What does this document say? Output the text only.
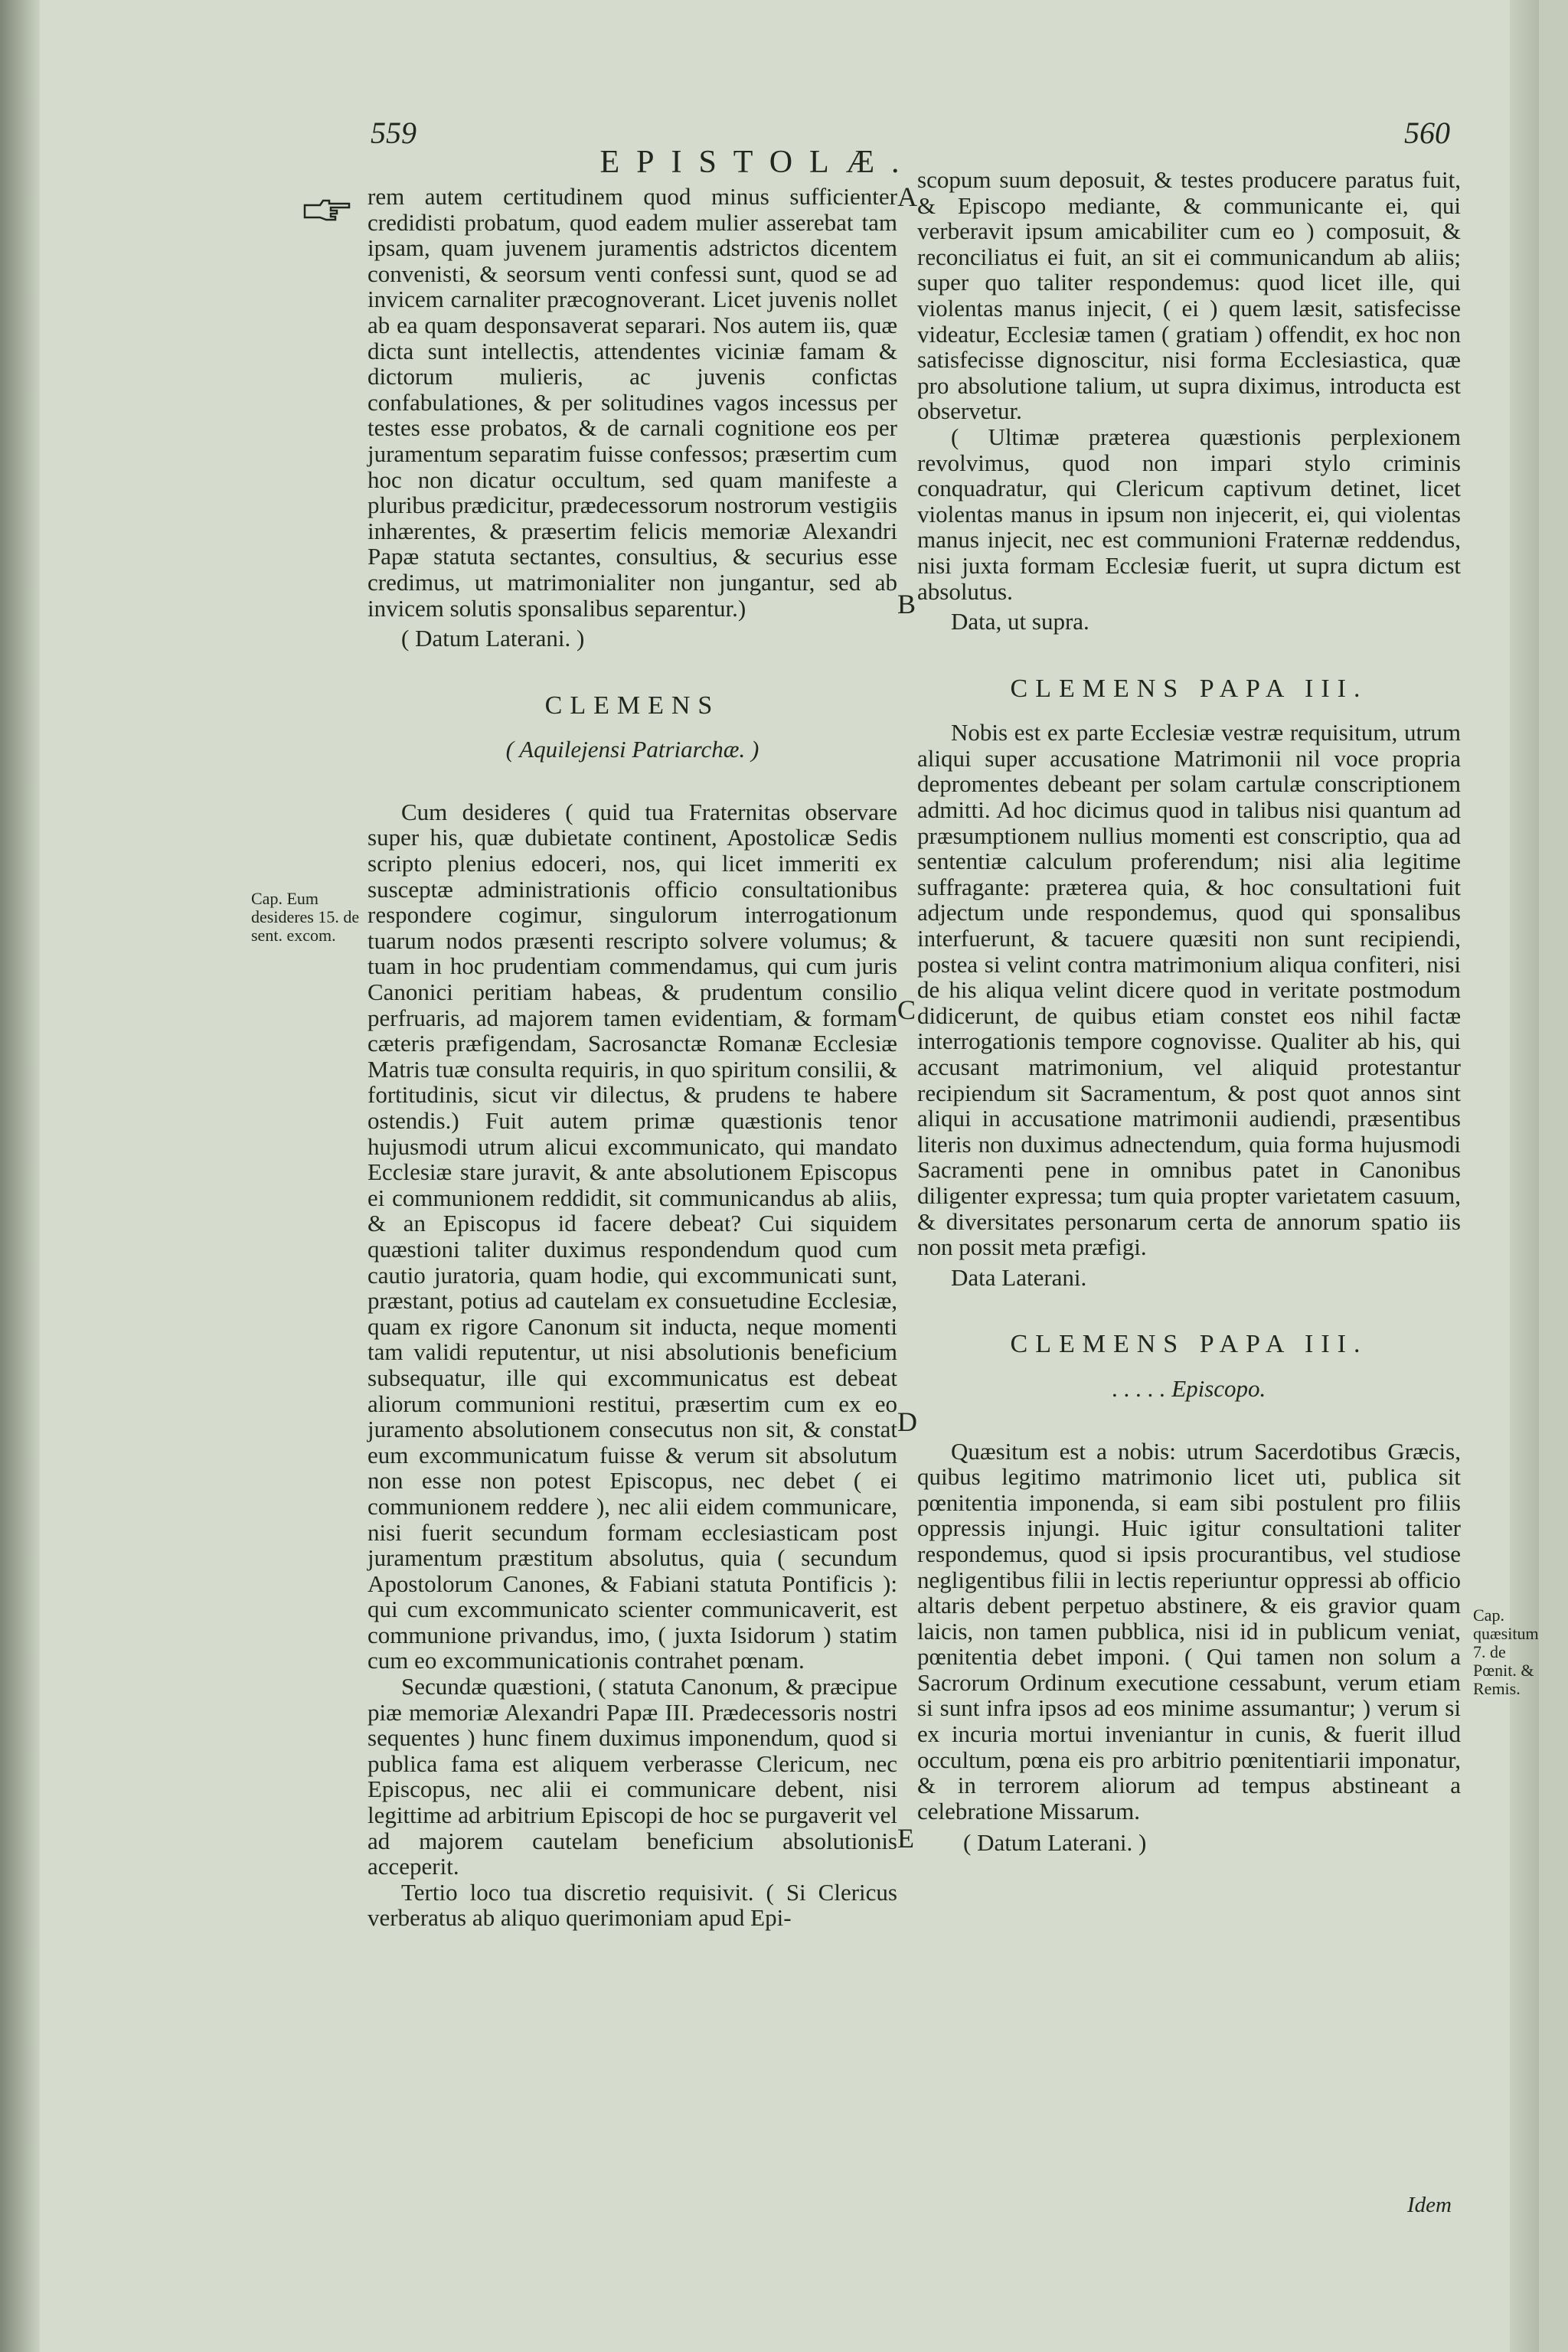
559
EPISTOLÆ.
560

rem autem certitudinem quod minus sufficienter credidisti probatum, quod eadem mulier asserebat tam ipsam, quam juvenem juramentis adstrictos dicentem convenisti, & seorsum venti confessi sunt, quod se ad invicem carnaliter præcognoverant. Licet juvenis nollet ab ea quam desponsaverat separari. Nos autem iis, quæ dicta sunt intellectis, attendentes viciniæ famam & dictorum mulieris, ac juvenis confictas confabulationes, & per solitudines vagos incessus per testes esse probatos, & de carnali cognitione eos per juramentum separatim fuisse confessos; præsertim cum hoc non dicatur occultum, sed quam manifeste a pluribus prædicitur, prædecessorum nostrorum vestigiis inhærentes, & præsertim felicis memoriæ Alexandri Papæ statuta sectantes, consultius, & securius esse credimus, ut matrimonialiter non jungantur, sed ab invicem solutis sponsalibus separentur.)

( Datum Laterani. )

CLEMENS

( Aquilejensi Patriarchæ. )

Cum desideres ( quid tua Fraternitas observare super his, quæ dubietate continent, Apostolicæ Sedis scripto plenius edoceri, nos, qui licet immeriti ex susceptæ administrationis officio consultationibus respondere cogimur, singulorum interrogationum tuarum nodos præsenti rescripto solvere volumus; & tuam in hoc prudentiam commendamus, qui cum juris Canonici peritiam habeas, & prudentum consilio perfruaris, ad majorem tamen evidentiam, & formam cæteris præfigendam, Sacrosanctæ Romanæ Ecclesiæ Matris tuæ consulta requiris, in quo spiritum consilii, & fortitudinis, sicut vir dilectus, & prudens te habere ostendis.) Fuit autem primæ quæstionis tenor hujusmodi utrum alicui excommunicato, qui mandato Ecclesiæ stare juravit, & ante absolutionem Episcopus ei communionem reddidit, sit communicandus ab aliis, & an Episcopus id facere debeat? Cui siquidem quæstioni taliter duximus respondendum quod cum cautio juratoria, quam hodie, qui excommunicati sunt, præstant, potius ad cautelam ex consuetudine Ecclesiæ, quam ex rigore Canonum sit inducta, neque momenti tam validi reputentur, ut nisi absolutionis beneficium subsequatur, ille qui excommunicatus est debeat aliorum communioni restitui, præsertim cum ex eo juramento absolutionem consecutus non sit, & constat eum excommunicatum fuisse & verum sit absolutum non esse non potest Episcopus, nec debet ( ei communionem reddere ), nec alii eidem communicare, nisi fuerit secundum formam ecclesiasticam post juramentum præstitum absolutus, quia ( secundum Apostolorum Canones, & Fabiani statuta Pontificis ): qui cum excommunicato scienter communicaverit, est communione privandus, imo, ( juxta Isidorum ) statim cum eo excommunicationis contrahet pœnam.

Secundæ quæstioni, ( statuta Canonum, & præcipue piæ memoriæ Alexandri Papæ III. Prædecessoris nostri sequentes ) hunc finem duximus imponendum, quod si publica fama est aliquem verberasse Clericum, nec Episcopus, nec alii ei communicare debent, nisi legittime ad arbitrium Episcopi de hoc se purgaverit vel ad majorem cautelam beneficium absolutionis acceperit.

Tertio loco tua discretio requisivit. ( Si Clericus verberatus ab aliquo querimoniam apud Epi-

scopum suum deposuit, & testes producere paratus fuit, & Episcopo mediante, & communicante ei, qui verberavit ipsum amicabiliter cum eo ) composuit, & reconciliatus ei fuit, an sit ei communicandum ab aliis; super quo taliter respondemus: quod licet ille, qui violentas manus injecit, ( ei ) quem læsit, satisfecisse videatur, Ecclesiæ tamen ( gratiam ) offendit, ex hoc non satisfecisse dignoscitur, nisi forma Ecclesiastica, quæ pro absolutione talium, ut supra diximus, introducta est observetur.

( Ultimæ præterea quæstionis perplexionem revolvimus, quod non impari stylo criminis conquadratur, qui Clericum captivum detinet, licet violentas manus in ipsum non injecerit, ei, qui violentas manus injecit, nec est communioni Fraternæ reddendus, nisi juxta formam Ecclesiæ fuerit, ut supra dictum est absolutus.

Data, ut supra.

CLEMENS PAPA III.

Nobis est ex parte Ecclesiæ vestræ requisitum, utrum aliqui super accusatione Matrimonii nil voce propria depromentes debeant per solam cartulæ conscriptionem admitti. Ad hoc dicimus quod in talibus nisi quantum ad præsumptionem nullius momenti est conscriptio, qua ad sententiæ calculum proferendum; nisi alia legitime suffragante: præterea quia, & hoc consultationi fuit adjectum unde respondemus, quod qui sponsalibus interfuerunt, & tacuere quæsiti non sunt recipiendi, postea si velint contra matrimonium aliqua confiteri, nisi de his aliqua velint dicere quod in veritate postmodum didicerunt, de quibus etiam constet eos nihil factæ interrogationis tempore cognovisse. Qualiter ab his, qui accusant matrimonium, vel aliquid protestantur recipiendum sit Sacramentum, & post quot annos sint aliqui in accusatione matrimonii audiendi, præsentibus literis non duximus adnectendum, quia forma hujusmodi Sacramenti pene in omnibus patet in Canonibus diligenter expressa; tum quia propter varietatem casuum, & diversitates personarum certa de annorum spatio iis non possit meta præfigi.

Data Laterani.

CLEMENS PAPA III.

. . . . . Episcopo.

Quæsitum est a nobis: utrum Sacerdotibus Græcis, quibus legitimo matrimonio licet uti, publica sit pœnitentia imponenda, si eam sibi postulent pro filiis oppressis injungi. Huic igitur consultationi taliter respondemus, quod si ipsis procurantibus, vel studiose negligentibus filii in lectis reperiuntur oppressi ab officio altaris debent perpetuo abstinere, & eis gravior quam laicis, non tamen pubblica, nisi id in publicum veniat, pœnitentia debet imponi. ( Qui tamen non solum a Sacrorum Ordinum executione cessabunt, verum etiam si sunt infra ipsos ad eos minime assumantur; ) verum si ex incuria mortui inveniantur in cunis, & fuerit illud occultum, pœna eis pro arbitrio pœnitentiarii imponatur, & in terrorem aliorum ad tempus abstineant a celebratione Missarum.

( Datum Laterani. )

A
B
C
D
E
Cap. Eum desideres 15. de sent. excom.
Cap. quæsitum 7. de Pœnit. & Remis.
Idem
